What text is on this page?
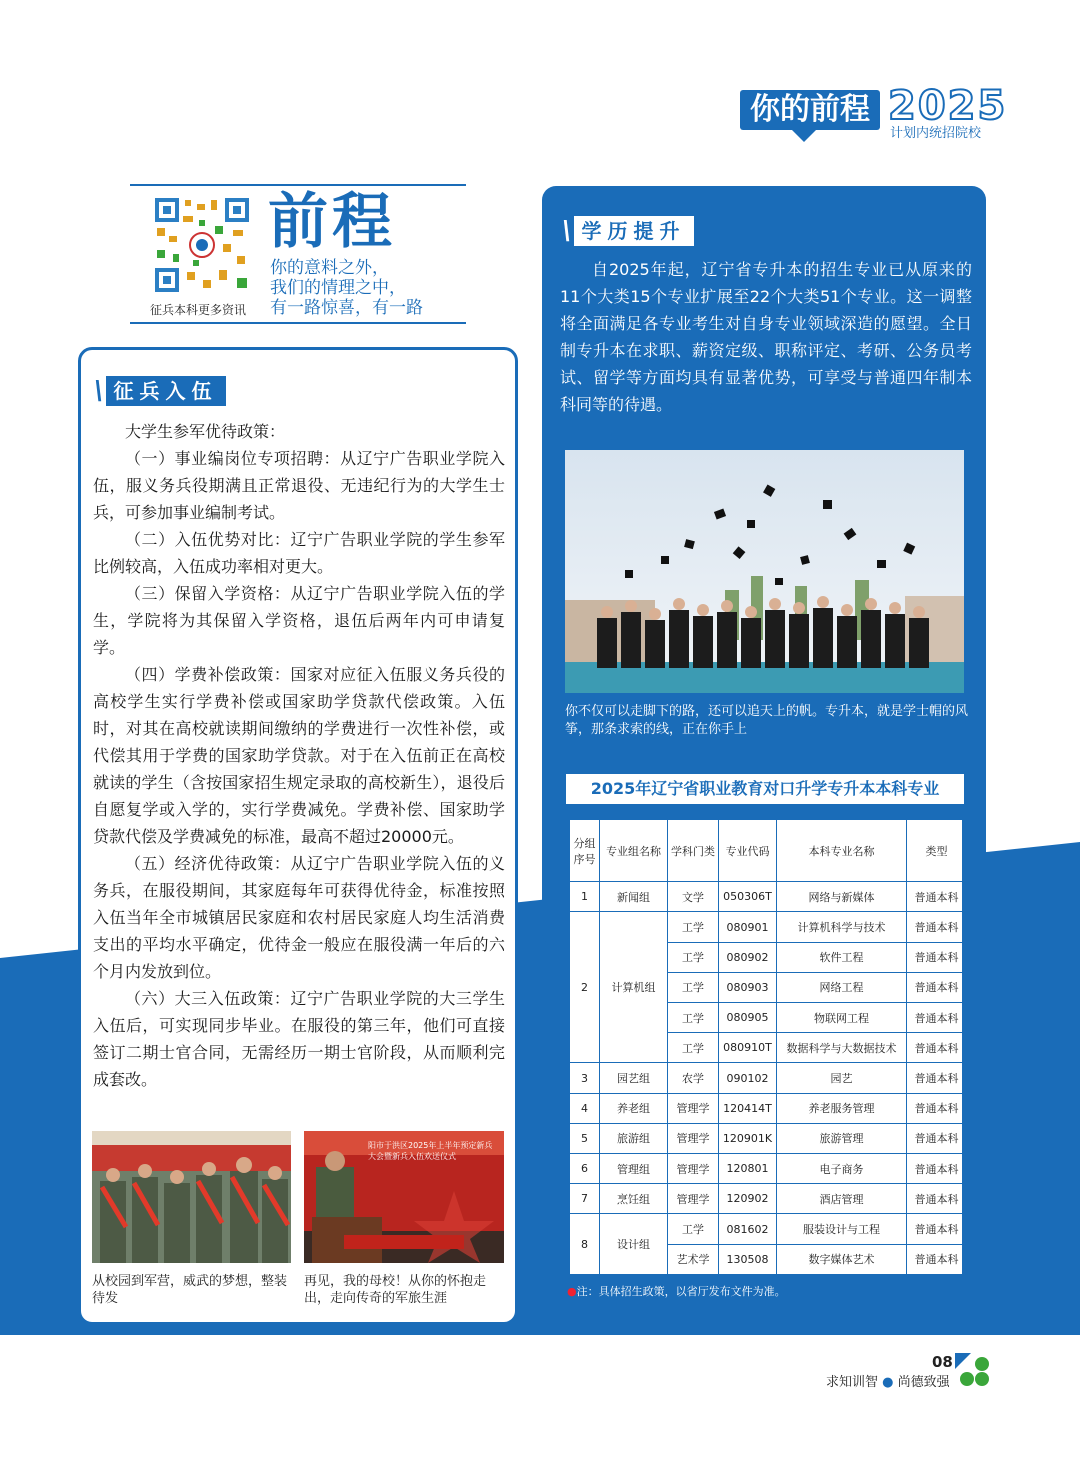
你的前程 2025
计划内统招院校
征兵本科更多资讯
前程
你的意料之外，
我们的情理之中，
有一路惊喜，有一路
\ 征兵入伍

大学生参军优待政策：

（一）事业编岗位专项招聘：从辽宁广告职业学院入伍，服义务兵役期满且正常退役、无违纪行为的大学生士兵，可参加事业编制考试。

（二）入伍优势对比：辽宁广告职业学院的学生参军比例较高，入伍成功率相对更大。

（三）保留入学资格：从辽宁广告职业学院入伍的学生，学院将为其保留入学资格，退伍后两年内可申请复学。

（四）学费补偿政策：国家对应征入伍服义务兵役的高校学生实行学费补偿或国家助学贷款代偿政策。入伍时，对其在高校就读期间缴纳的学费进行一次性补偿，或代偿其用于学费的国家助学贷款。对于在入伍前正在高校就读的学生（含按国家招生规定录取的高校新生），退役后自愿复学或入学的，实行学费减免。学费补偿、国家助学贷款代偿及学费减免的标准，最高不超过20000元。

（五）经济优待政策：从辽宁广告职业学院入伍的义务兵，在服役期间，其家庭每年可获得优待金，标准按照入伍当年全市城镇居民家庭和农村居民家庭人均生活消费支出的平均水平确定，优待金一般应在服役满一年后的六个月内发放到位。

（六）大三入伍政策：辽宁广告职业学院的大三学生入伍后，可实现同步毕业。在服役的第三年，他们可直接签订二期士官合同，无需经历一期士官阶段，从而顺利完成套改。

从校园到军营，威武的梦想，整装待发
阳市于洪区2025年上半年预定新兵大会暨新兵入伍欢送仪式
再见，我的母校！从你的怀抱走出，走向传奇的军旅生涯
\ 学历提升

自2025年起，辽宁省专升本的招生专业已从原来的11个大类15个专业扩展至22个大类51个专业。这一调整将全面满足各专业考生对自身专业领域深造的愿望。全日制专升本在求职、薪资定级、职称评定、考研、公务员考试、留学等方面均具有显著优势，可享受与普通四年制本科同等的待遇。

你不仅可以走脚下的路，还可以追天上的帆。专升本，就是学士帽的风筝，那条求索的线，正在你手上
2025年辽宁省职业教育对口升学专升本本科专业
分组序号	专业组名称	学科门类	专业代码	本科专业名称	类型
1	新闻组	文学	050306T	网络与新媒体	普通本科
2	计算机组	工学	080901	计算机科学与技术	普通本科
		工学	080902	软件工程	普通本科
		工学	080903	网络工程	普通本科
		工学	080905	物联网工程	普通本科
		工学	080910T	数据科学与大数据技术	普通本科
3	园艺组	农学	090102	园艺	普通本科
4	养老组	管理学	120414T	养老服务管理	普通本科
5	旅游组	管理学	120901K	旅游管理	普通本科
6	管理组	管理学	120801	电子商务	普通本科
7	烹饪组	管理学	120902	酒店管理	普通本科
8	设计组	工学	081602	服装设计与工程	普通本科
		艺术学	130508	数字媒体艺术	普通本科
●注：具体招生政策，以省厅发布文件为准。
08
求知训智 ● 尚德致强
